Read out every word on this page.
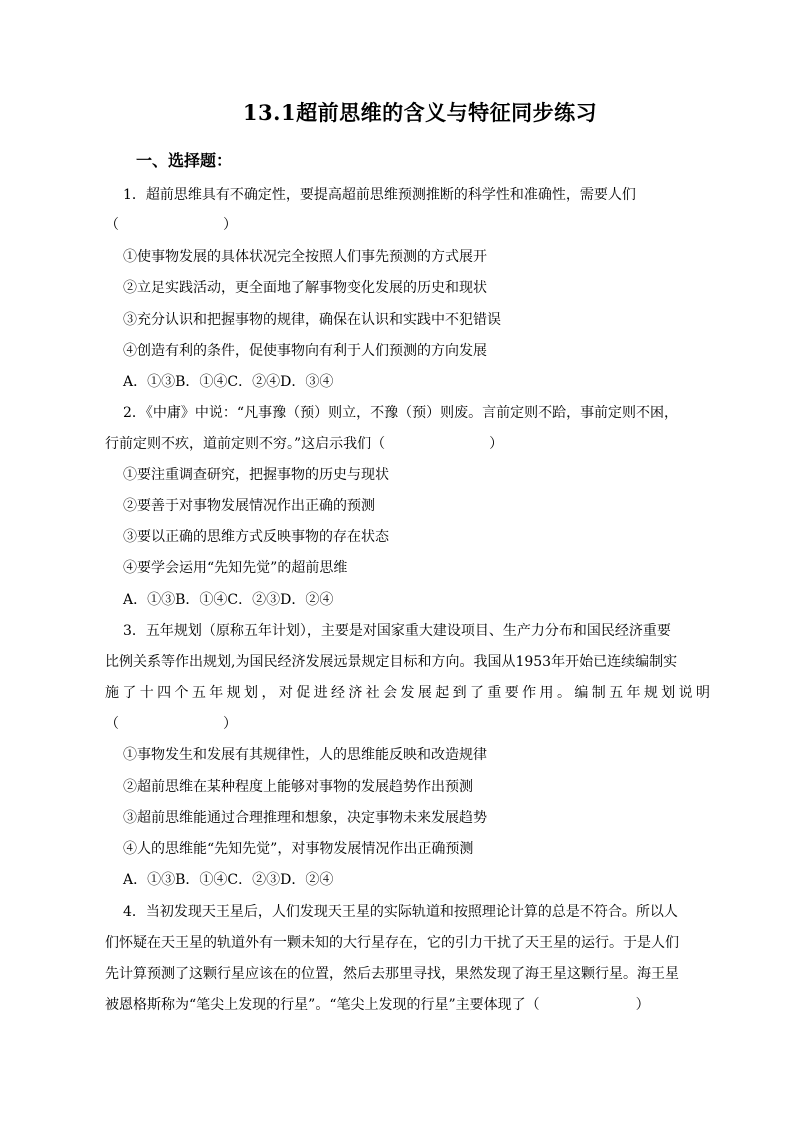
13.1超前思维的含义与特征同步练习
一、选择题：
1．超前思维具有不确定性，要提高超前思维预测推断的科学性和准确性，需要人们
（	）
①使事物发展的具体状况完全按照人们事先预测的方式展开
②立足实践活动，更全面地了解事物变化发展的历史和现状
③充分认识和把握事物的规律，确保在认识和实践中不犯错误
④创造有利的条件，促使事物向有利于人们预测的方向发展
A．①③B．①④C．②④D．③④
2．《中庸》中说：“凡事豫（预）则立，不豫（预）则废。言前定则不跲，事前定则不困，
行前定则不疚，道前定则不穷。”这启示我们（	）
①要注重调查研究，把握事物的历史与现状
②要善于对事物发展情况作出正确的预测
③要以正确的思维方式反映事物的存在状态
④要学会运用“先知先觉”的超前思维
A．①③B．①④C．②③D．②④
3．五年规划（原称五年计划），主要是对国家重大建设项目、生产力分布和国民经济重要
比例关系等作出规划,为国民经济发展远景规定目标和方向。我国从1953年开始已连续编制实
施了十四个五年规划，对促进经济社会发展起到了重要作用。编制五年规划说明
（	）
①事物发生和发展有其规律性，人的思维能反映和改造规律
②超前思维在某种程度上能够对事物的发展趋势作出预测
③超前思维能通过合理推理和想象，决定事物未来发展趋势
④人的思维能“先知先觉”，对事物发展情况作出正确预测
A．①③B．①④C．②③D．②④
4．当初发现天王星后，人们发现天王星的实际轨道和按照理论计算的总是不符合。所以人
们怀疑在天王星的轨道外有一颗未知的大行星存在，它的引力干扰了天王星的运行。于是人们
先计算预测了这颗行星应该在的位置，然后去那里寻找，果然发现了海王星这颗行星。海王星
被恩格斯称为“笔尖上发现的行星”。“笔尖上发现的行星”主要体现了（	）
